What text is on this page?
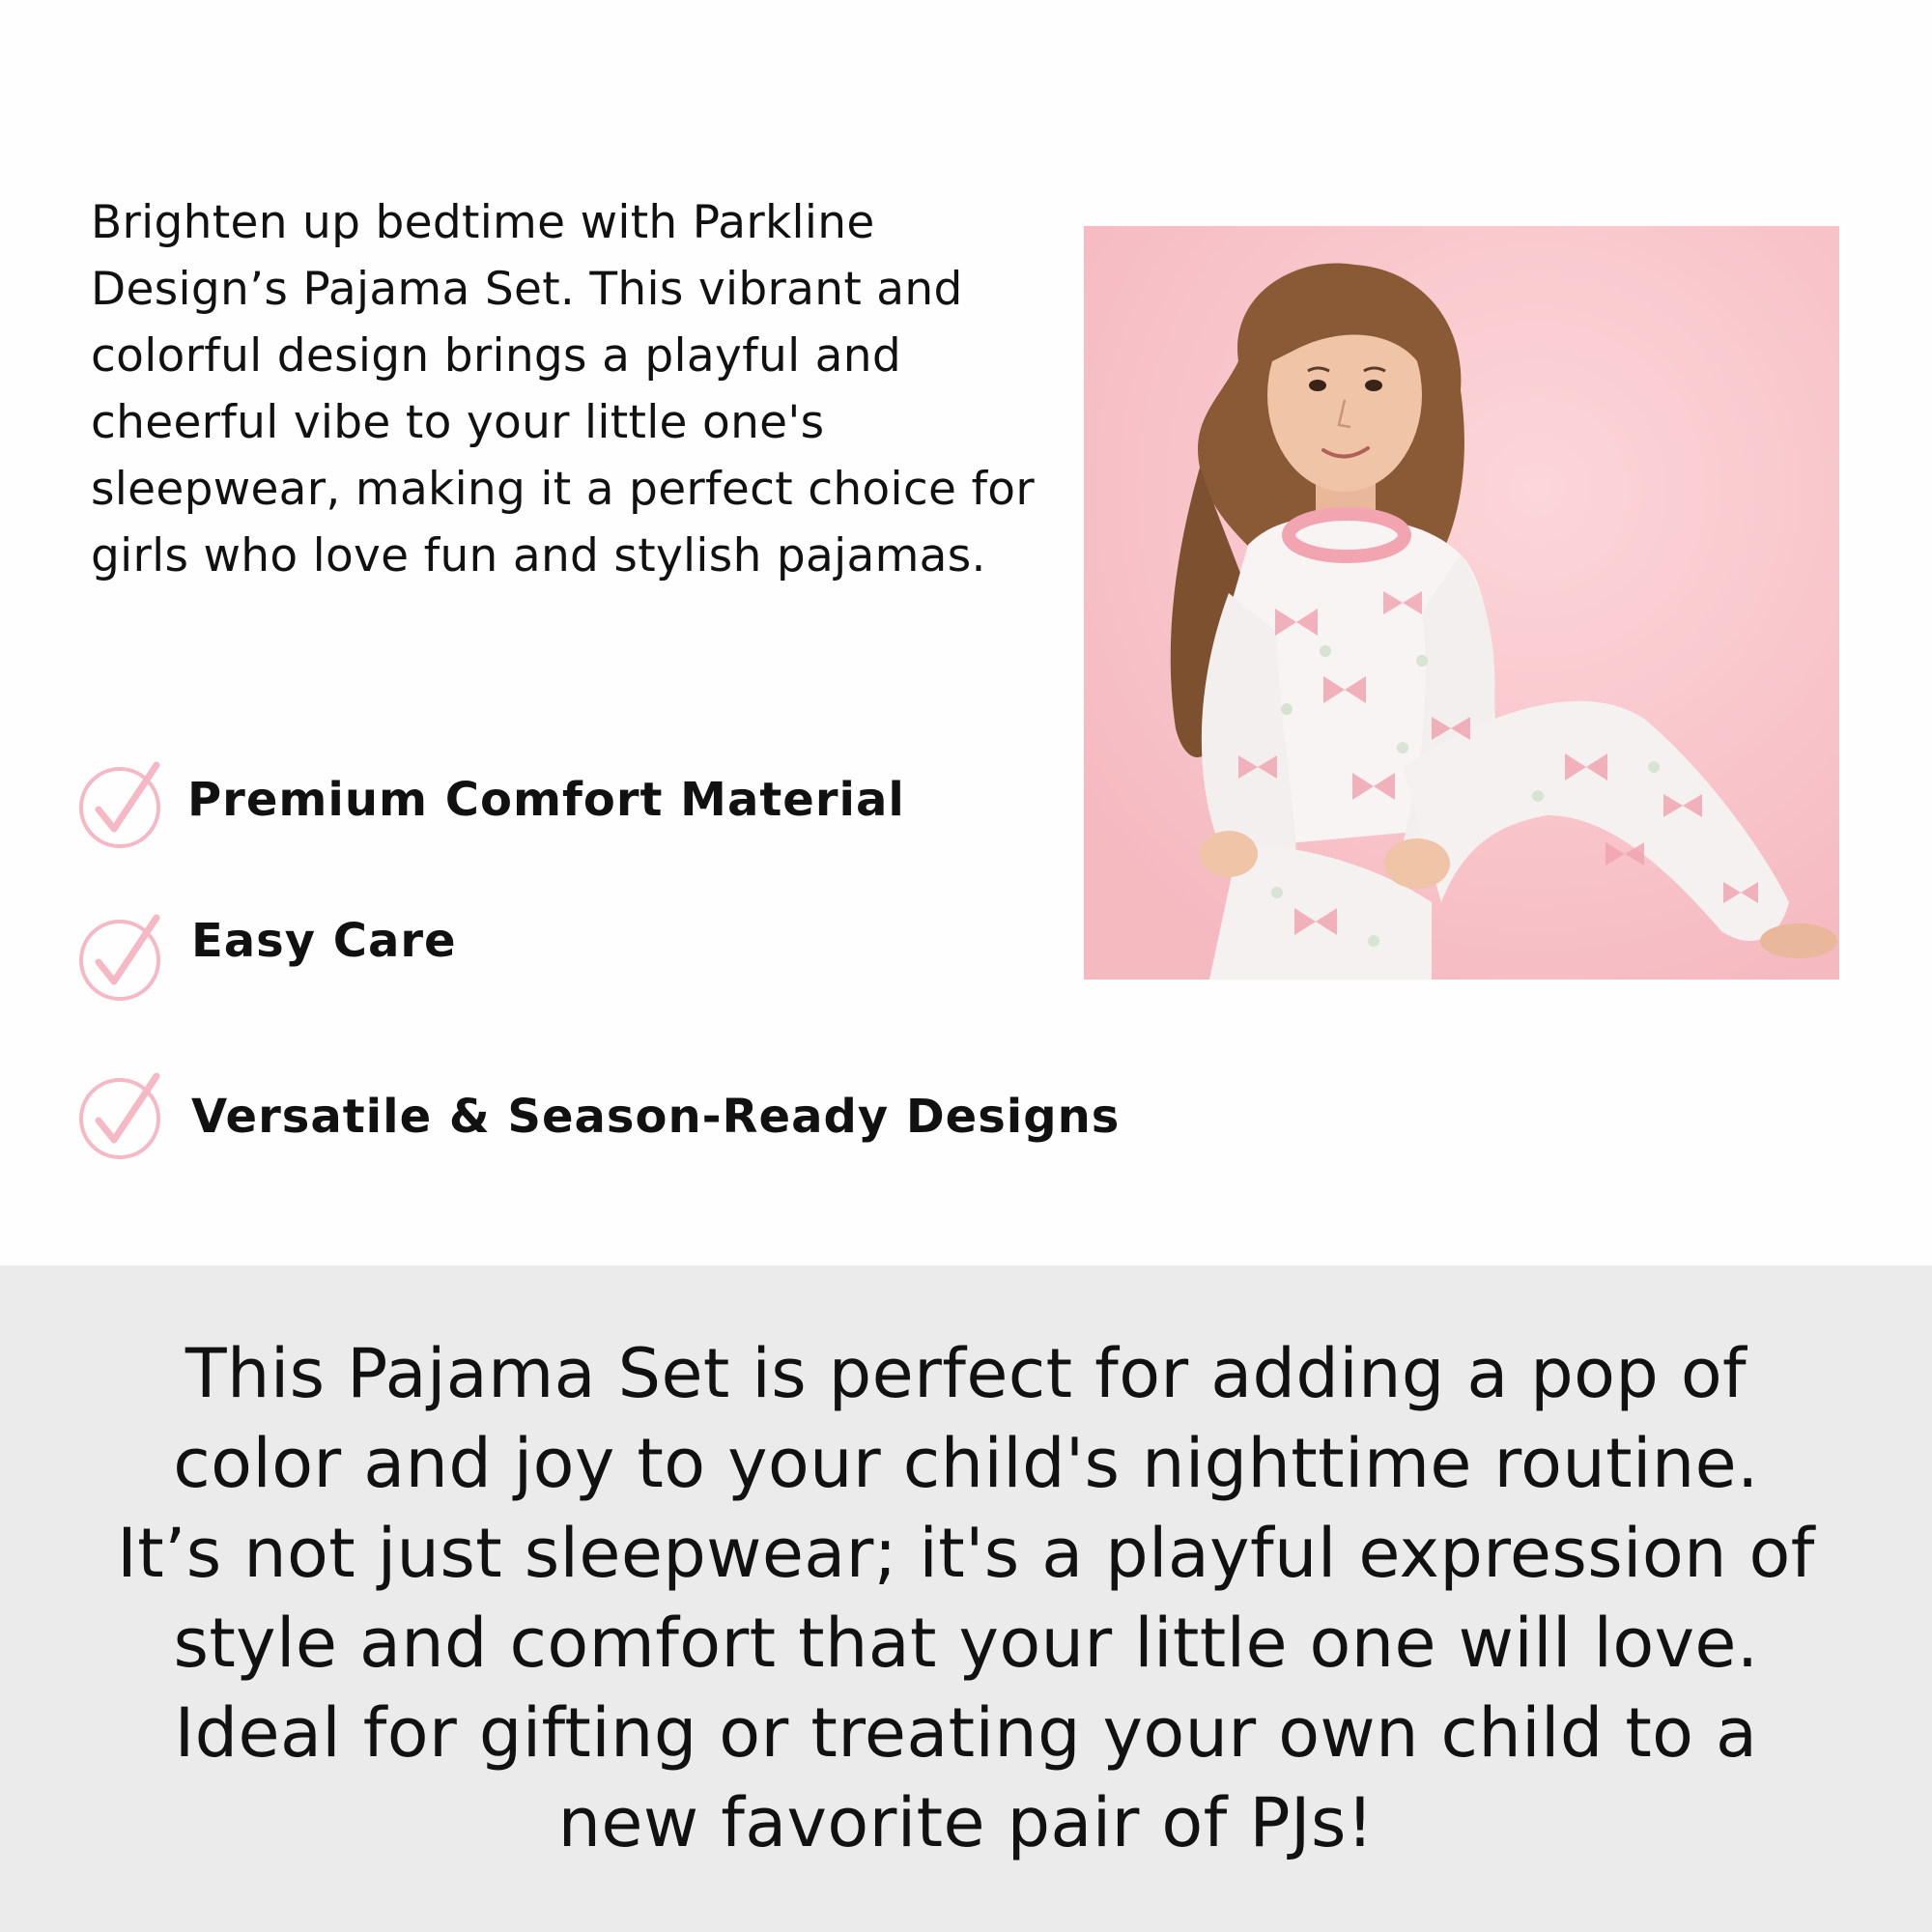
Brighten up bedtime with Parkline Design’s Pajama Set. This vibrant and colorful design brings a playful and cheerful vibe to your little one's sleepwear, making it a perfect choice for girls who love fun and stylish pajamas.

Premium Comfort Material
Easy Care
Versatile & Season-Ready Designs

This Pajama Set is perfect for adding a pop of color and joy to your child's nighttime routine. It’s not just sleepwear; it's a playful expression of style and comfort that your little one will love. Ideal for gifting or treating your own child to a new favorite pair of PJs!
